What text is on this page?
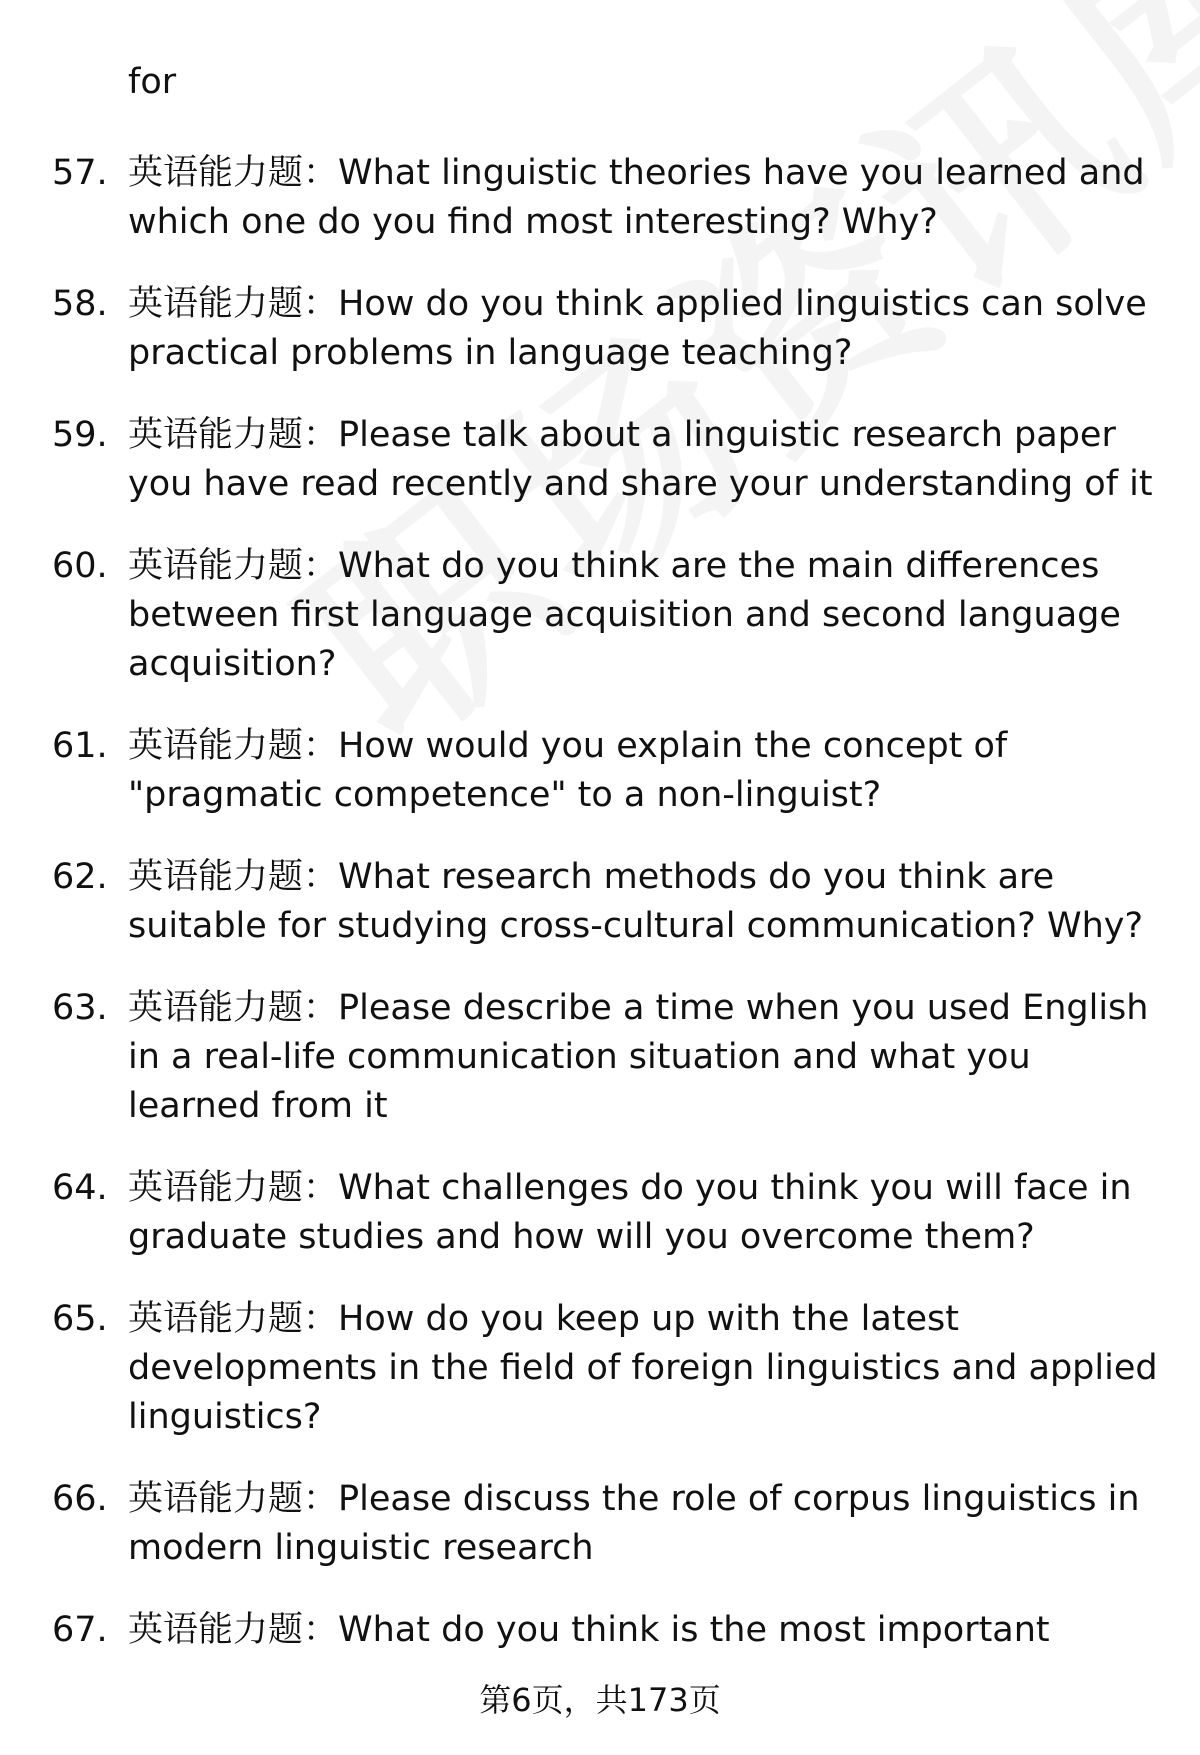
for
57. 英语能力题：What linguistic theories have you learned and which one do you find most interesting? Why?
58. 英语能力题：How do you think applied linguistics can solve practical problems in language teaching?
59. 英语能力题：Please talk about a linguistic research paper you have read recently and share your understanding of it
60. 英语能力题：What do you think are the main differences between first language acquisition and second language acquisition?
61. 英语能力题：How would you explain the concept of "pragmatic competence" to a non-linguist?
62. 英语能力题：What research methods do you think are suitable for studying cross-cultural communication? Why?
63. 英语能力题：Please describe a time when you used English in a real-life communication situation and what you learned from it
64. 英语能力题：What challenges do you think you will face in graduate studies and how will you overcome them?
65. 英语能力题：How do you keep up with the latest developments in the field of foreign linguistics and applied linguistics?
66. 英语能力题：Please discuss the role of corpus linguistics in modern linguistic research
67. 英语能力题：What do you think is the most important
第6页，共173页
